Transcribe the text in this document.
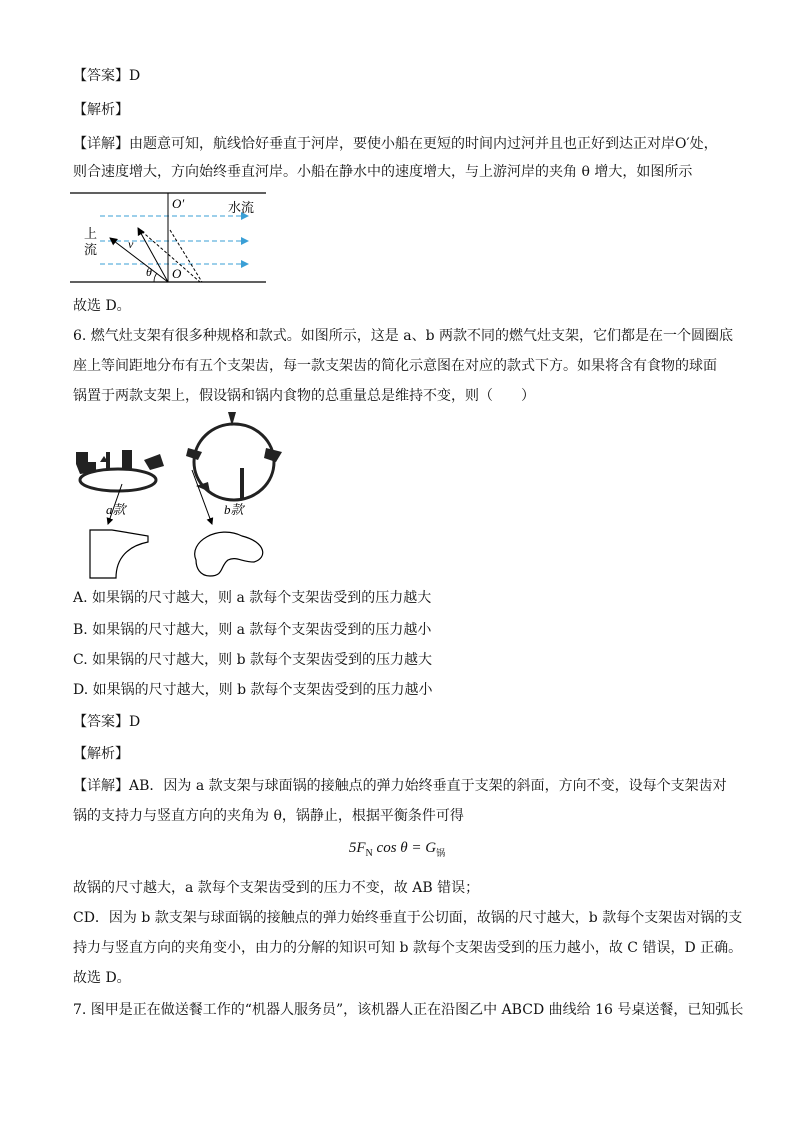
【答案】D
【解析】
【详解】由题意可知，航线恰好垂直于河岸，要使小船在更短的时间内过河并且也正好到达正对岸O′处，
则合速度增大，方向始终垂直河岸。小船在静水中的速度增大，与上游河岸的夹角 θ 增大，如图所示
O′
O
v
θ
水流
上
流
故选 D。
6. 燃气灶支架有很多种规格和款式。如图所示，这是 a、b 两款不同的燃气灶支架，它们都是在一个圆圈底
座上等间距地分布有五个支架齿，每一款支架齿的简化示意图在对应的款式下方。如果将含有食物的球面
锅置于两款支架上，假设锅和锅内食物的总重量总是维持不变，则（　　）
a款	b款
A. 如果锅的尺寸越大，则 a 款每个支架齿受到的压力越大
B. 如果锅的尺寸越大，则 a 款每个支架齿受到的压力越小
C. 如果锅的尺寸越大，则 b 款每个支架齿受到的压力越大
D. 如果锅的尺寸越大，则 b 款每个支架齿受到的压力越小
【答案】D
【解析】
【详解】AB．因为 a 款支架与球面锅的接触点的弹力始终垂直于支架的斜面，方向不变，设每个支架齿对
锅的支持力与竖直方向的夹角为 θ，锅静止，根据平衡条件可得
$5F_N$ $\cos \theta = G_锅$
故锅的尺寸越大，a 款每个支架齿受到的压力不变，故 AB 错误；
CD．因为 b 款支架与球面锅的接触点的弹力始终垂直于公切面，故锅的尺寸越大，b 款每个支架齿对锅的支
持力与竖直方向的夹角变小，由力的分解的知识可知 b 款每个支架齿受到的压力越小，故 C 错误，D 正确。
故选 D。
7. 图甲是正在做送餐工作的“机器人服务员”，该机器人正在沿图乙中 ABCD 曲线给 16 号桌送餐，已知弧长
